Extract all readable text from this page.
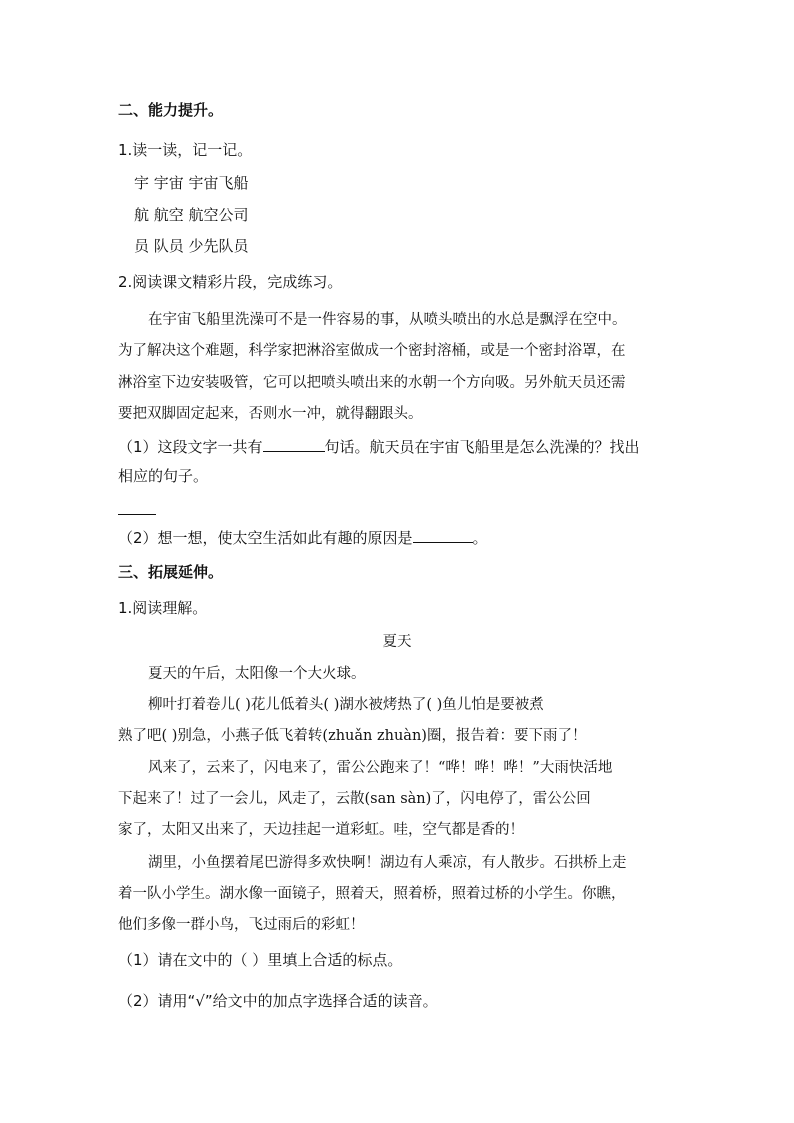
二、能力提升。
1.读一读，记一记。
宇 宇宙 宇宙飞船
航 航空 航空公司
员 队员 少先队员
2.阅读课文精彩片段，完成练习。
在宇宙飞船里洗澡可不是一件容易的事，从喷头喷出的水总是飘浮在空中。
为了解决这个难题，科学家把淋浴室做成一个密封溶桶，或是一个密封浴罩，在
淋浴室下边安装吸管，它可以把喷头喷出来的水朝一个方向吸。另外航天员还需
要把双脚固定起来，否则水一冲，就得翻跟头。
（1）这段文字一共有	句话。航天员在宇宙飞船里是怎么洗澡的？找出
相应的句子。
（2）想一想，使太空生活如此有趣的原因是	。
三、拓展延伸。
1.阅读理解。
夏天
夏天的午后，太阳像一个大火球。
柳叶打着卷儿( )花儿低着头( )湖水被烤热了( )鱼儿怕是要被煮
熟了吧( )别急，小燕子低飞着转(zhuǎn zhuàn)圈，报告着：要下雨了！
风来了，云来了，闪电来了，雷公公跑来了！“哗！哗！哗！”大雨快活地
下起来了！过了一会儿，风走了，云散(san sàn)了，闪电停了，雷公公回
家了，太阳又出来了，天边挂起一道彩虹。哇，空气都是香的！
湖里，小鱼摆着尾巴游得多欢快啊！湖边有人乘凉，有人散步。石拱桥上走
着一队小学生。湖水像一面镜子，照着天，照着桥，照着过桥的小学生。你瞧，
他们多像一群小鸟，飞过雨后的彩虹！
（1）请在文中的（ ）里填上合适的标点。
（2）请用“√”给文中的加点字选择合适的读音。
